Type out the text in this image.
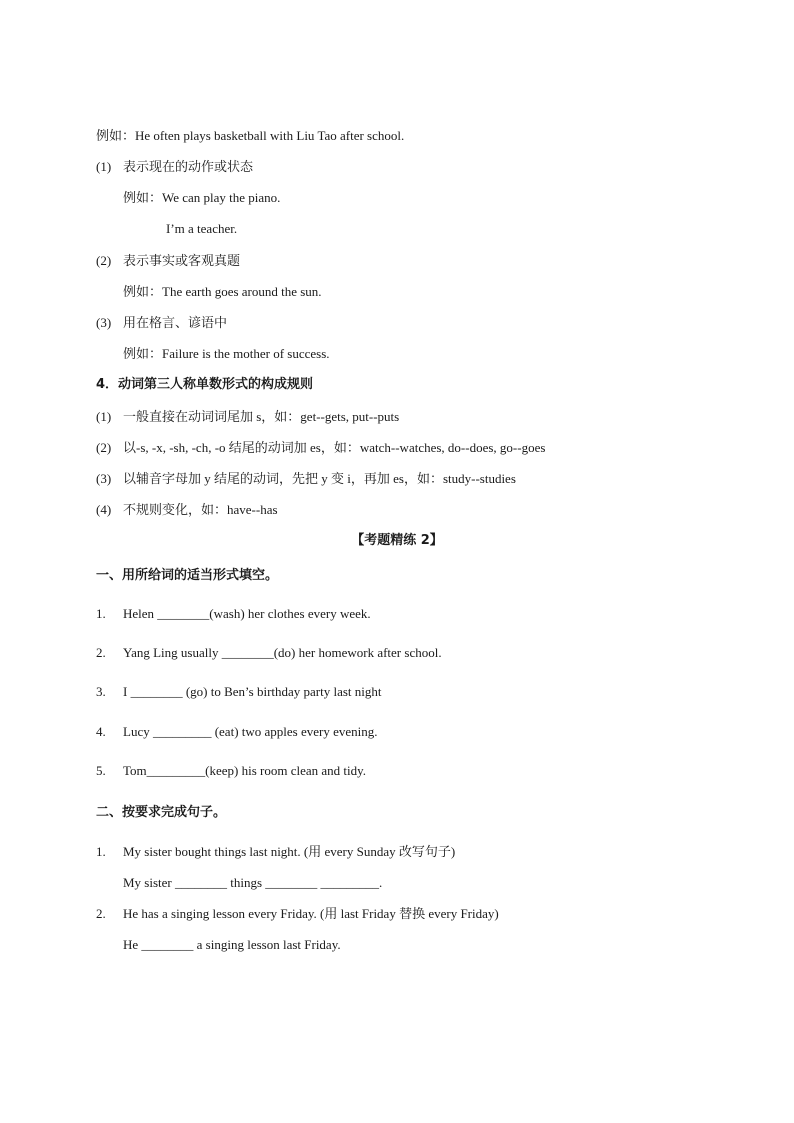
例如：He often plays basketball with Liu Tao after school.
(1) 表示现在的动作或状态
例如：We can play the piano.
I’m a teacher.
(2) 表示事实或客观真题
例如：The earth goes around the sun.
(3) 用在格言、谚语中
例如：Failure is the mother of success.
4．动词第三人称单数形式的构成规则
(1) 一般直接在动词词尾加 s，如：get--gets, put--puts
(2) 以-s, -x, -sh, -ch, -o 结尾的动词加 es，如：watch--watches, do--does, go--goes
(3) 以辅音字母加 y 结尾的动词，先把 y 变 i，再加 es，如：study--studies
(4) 不规则变化，如：have--has
【考题精练 2】
一、用所给词的适当形式填空。
1. Helen ________(wash) her clothes every week.
2. Yang Ling usually ________(do) her homework after school.
3. I ________ (go) to Ben’s birthday party last night
4. Lucy _________ (eat) two apples every evening.
5. Tom_________(keep) his room clean and tidy.
二、按要求完成句子。
1. My sister bought things last night. (用 every Sunday 改写句子)
My sister ________ things ________ _________.
2. He has a singing lesson every Friday. (用 last Friday 替换 every Friday)
He ________ a singing lesson last Friday.
